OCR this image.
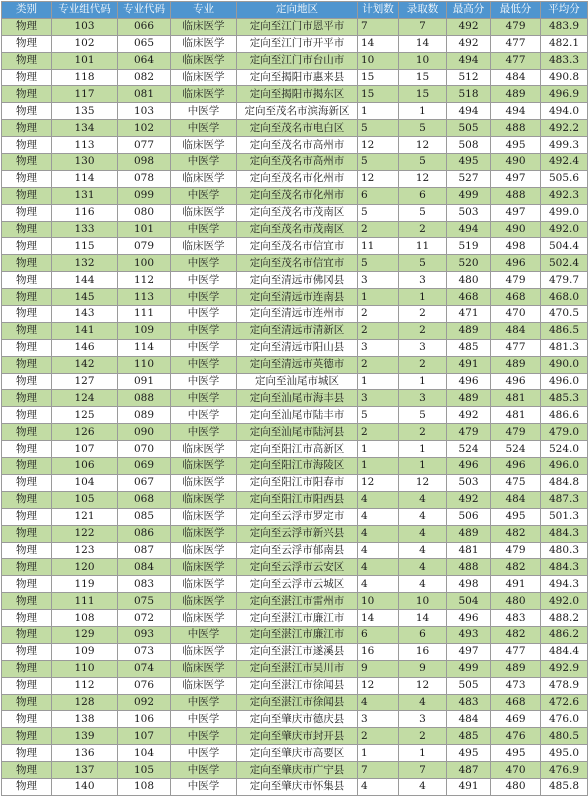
类别	专业组代码	专业代码	专业	定向地区	计划数	录取数	最高分	最低分	平均分
物理	103	066	临床医学	定向至江门市恩平市	7	7	492	479	483.9
物理	102	065	临床医学	定向至江门市开平市	14	14	492	477	482.1
物理	101	064	临床医学	定向至江门市台山市	10	10	494	477	483.3
物理	118	082	临床医学	定向至揭阳市惠来县	15	15	512	484	490.8
物理	117	081	临床医学	定向至揭阳市揭东区	15	15	518	489	496.9
物理	135	103	中医学	定向至茂名市滨海新区	1	1	494	494	494.0
物理	134	102	中医学	定向至茂名市电白区	5	5	505	488	492.2
物理	113	077	临床医学	定向至茂名市高州市	12	12	508	495	499.3
物理	130	098	中医学	定向至茂名市高州市	5	5	495	490	492.4
物理	114	078	临床医学	定向至茂名市化州市	12	12	527	497	505.6
物理	131	099	中医学	定向至茂名市化州市	6	6	499	488	492.3
物理	116	080	临床医学	定向至茂名市茂南区	5	5	503	497	499.0
物理	133	101	中医学	定向至茂名市茂南区	2	2	494	490	492.0
物理	115	079	临床医学	定向至茂名市信宜市	11	11	519	498	504.4
物理	132	100	中医学	定向至茂名市信宜市	5	5	520	496	502.4
物理	144	112	中医学	定向至清远市佛冈县	3	3	480	479	479.7
物理	145	113	中医学	定向至清远市连南县	1	1	468	468	468.0
物理	143	111	中医学	定向至清远市连州市	2	2	471	470	470.5
物理	141	109	中医学	定向至清远市清新区	2	2	489	484	486.5
物理	146	114	中医学	定向至清远市阳山县	3	3	485	477	481.3
物理	142	110	中医学	定向至清远市英德市	2	2	491	489	490.0
物理	127	091	中医学	定向至汕尾市城区	1	1	496	496	496.0
物理	124	088	中医学	定向至汕尾市海丰县	3	3	489	481	485.3
物理	125	089	中医学	定向至汕尾市陆丰市	5	5	492	481	486.6
物理	126	090	中医学	定向至汕尾市陆河县	2	2	479	479	479.0
物理	107	070	临床医学	定向至阳江市高新区	1	1	524	524	524.0
物理	106	069	临床医学	定向至阳江市海陵区	1	1	496	496	496.0
物理	104	067	临床医学	定向至阳江市阳春市	12	12	503	475	484.8
物理	105	068	临床医学	定向至阳江市阳西县	4	4	492	484	487.3
物理	121	085	临床医学	定向至云浮市罗定市	4	4	506	495	501.3
物理	122	086	临床医学	定向至云浮市新兴县	4	4	489	482	484.3
物理	123	087	临床医学	定向至云浮市郁南县	4	4	481	479	480.3
物理	120	084	临床医学	定向至云浮市云安区	4	4	488	482	484.3
物理	119	083	临床医学	定向至云浮市云城区	4	4	498	491	494.3
物理	111	075	临床医学	定向至湛江市雷州市	10	10	504	480	492.0
物理	108	072	临床医学	定向至湛江市廉江市	14	14	496	483	488.2
物理	129	093	中医学	定向至湛江市廉江市	6	6	493	482	486.2
物理	109	073	临床医学	定向至湛江市遂溪县	16	16	497	477	484.4
物理	110	074	临床医学	定向至湛江市吴川市	9	9	499	489	492.9
物理	112	076	临床医学	定向至湛江市徐闻县	12	12	505	473	478.9
物理	128	092	中医学	定向至湛江市徐闻县	4	4	483	468	472.6
物理	138	106	中医学	定向至肇庆市德庆县	3	3	484	469	476.0
物理	139	107	中医学	定向至肇庆市封开县	2	2	485	476	480.5
物理	136	104	中医学	定向至肇庆市高要区	1	1	495	495	495.0
物理	137	105	中医学	定向至肇庆市广宁县	7	7	487	470	476.9
物理	140	108	中医学	定向至肇庆市怀集县	4	4	491	480	485.8
